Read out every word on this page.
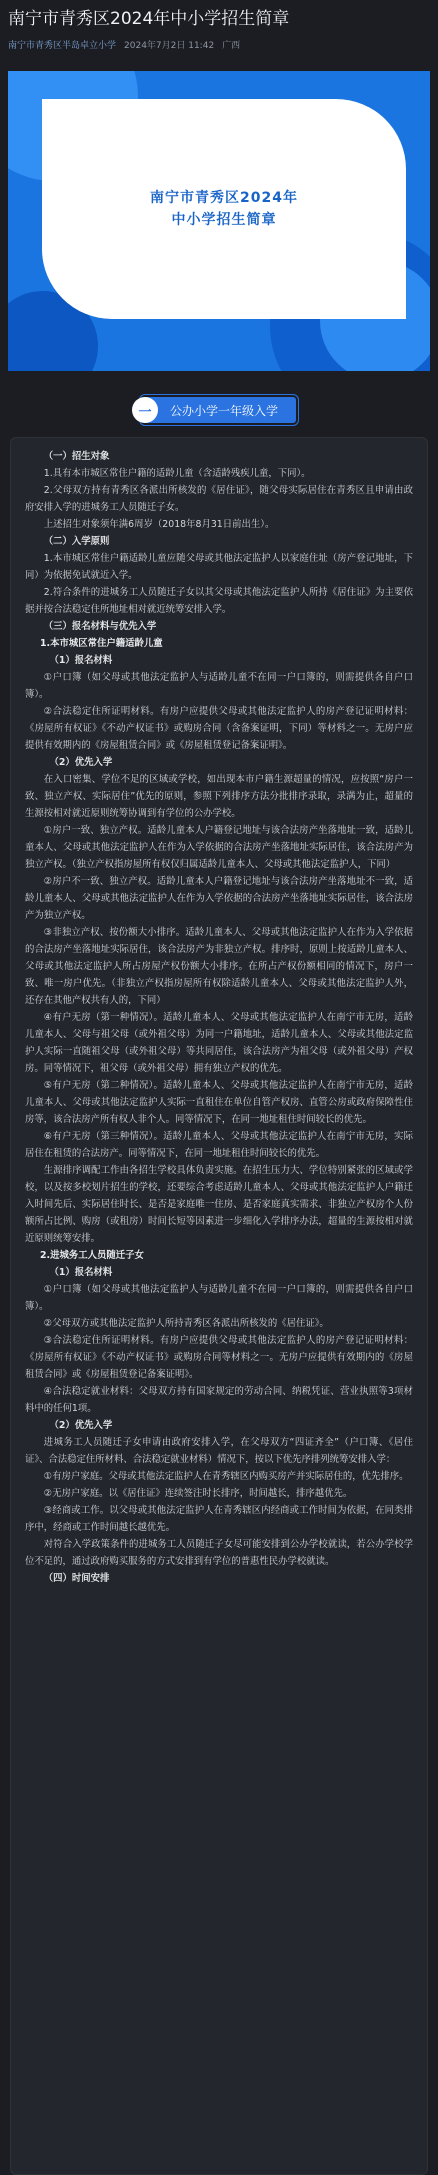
南宁市青秀区2024年中小学招生简章
南宁市青秀区半岛卓立小学 2024年7月2日 11:42 广西
南宁市青秀区2024年
中小学招生简章
一	公办小学一年级入学

（一）招生对象

1.具有本市城区常住户籍的适龄儿童（含适龄残疾儿童，下同）。

2.父母双方持有青秀区各派出所核发的《居住证》，随父母实际居住在青秀区且申请由政府安排入学的进城务工人员随迁子女。

上述招生对象须年满6周岁（2018年8月31日前出生）。

（二）入学原则

1.本市城区常住户籍适龄儿童应随父母或其他法定监护人以家庭住址（房产登记地址，下同）为依据免试就近入学。

2.符合条件的进城务工人员随迁子女以其父母或其他法定监护人所持《居住证》为主要依据并按合法稳定住所地址相对就近统筹安排入学。

（三）报名材料与优先入学

1.本市城区常住户籍适龄儿童

（1）报名材料

①户口簿（如父母或其他法定监护人与适龄儿童不在同一户口簿的，则需提供各自户口簿）。

②合法稳定住所证明材料。有房户应提供父母或其他法定监护人的房产登记证明材料：《房屋所有权证》《不动产权证书》或购房合同（含备案证明，下同）等材料之一。无房户应提供有效期内的《房屋租赁合同》或《房屋租赁登记备案证明》。

（2）优先入学

在入口密集、学位不足的区域或学校，如出现本市户籍生源超量的情况，应按照“房户一致、独立产权、实际居住”优先的原则，参照下列排序方法分批排序录取，录满为止，超量的生源按相对就近原则统筹协调到有学位的公办学校。

①房户一致、独立产权。适龄儿童本人户籍登记地址与该合法房产坐落地址一致，适龄儿童本人、父母或其他法定监护人在作为入学依据的合法房产坐落地址实际居住，该合法房产为独立产权。（独立产权指房屋所有权仅归属适龄儿童本人、父母或其他法定监护人，下同）

②房户不一致、独立产权。适龄儿童本人户籍登记地址与该合法房产坐落地址不一致，适龄儿童本人、父母或其他法定监护人在作为入学依据的合法房产坐落地址实际居住，该合法房产为独立产权。

③非独立产权、按份额大小排序。适龄儿童本人、父母或其他法定监护人在作为入学依据的合法房产坐落地址实际居住，该合法房产为非独立产权。排序时，原则上按适龄儿童本人、父母或其他法定监护人所占房屋产权份额大小排序。在所占产权份额相同的情况下，房户一致、唯一房户优先。（非独立产权指房屋所有权除适龄儿童本人、父母或其他法定监护人外，还存在其他产权共有人的，下同）

④有户无房（第一种情况）。适龄儿童本人、父母或其他法定监护人在南宁市无房，适龄儿童本人、父母与祖父母（或外祖父母）为同一户籍地址，适龄儿童本人、父母或其他法定监护人实际一直随祖父母（或外祖父母）等共同居住，该合法房产为祖父母（或外祖父母）产权房。同等情况下，祖父母（或外祖父母）拥有独立产权的优先。

⑤有户无房（第二种情况）。适龄儿童本人、父母或其他法定监护人在南宁市无房，适龄儿童本人、父母或其他法定监护人实际一直租住在单位自管产权房、直管公房或政府保障性住房等，该合法房产所有权人非个人。同等情况下，在同一地址租住时间较长的优先。

⑥有户无房（第三种情况）。适龄儿童本人、父母或其他法定监护人在南宁市无房，实际居住在租赁的合法房产。同等情况下，在同一地址租住时间较长的优先。

生源排序调配工作由各招生学校具体负责实施。在招生压力大、学位特别紧张的区域或学校，以及按多校划片招生的学校，还要综合考虑适龄儿童本人、父母或其他法定监护人户籍迁入时间先后、实际居住时长、是否是家庭唯一住房、是否家庭真实需求、非独立产权房个人份额所占比例、购房（或租房）时间长短等因素进一步细化入学排序办法，超量的生源按相对就近原则统筹安排。

2.进城务工人员随迁子女

（1）报名材料

①户口簿（如父母或其他法定监护人与适龄儿童不在同一户口簿的，则需提供各自户口簿）。

②父母双方或其他法定监护人所持青秀区各派出所核发的《居住证》。

③合法稳定住所证明材料。有房户应提供父母或其他法定监护人的房产登记证明材料：《房屋所有权证》《不动产权证书》或购房合同等材料之一。无房户应提供有效期内的《房屋租赁合同》或《房屋租赁登记备案证明》。

④合法稳定就业材料：父母双方持有国家规定的劳动合同、纳税凭证、营业执照等3项材料中的任何1项。

（2）优先入学

进城务工人员随迁子女申请由政府安排入学，在父母双方“四证齐全”（户口簿、《居住证》、合法稳定住所材料、合法稳定就业材料）情况下，按以下优先序排列统筹安排入学：

①有房户家庭。父母或其他法定监护人在青秀辖区内购买房产并实际居住的，优先排序。

②无房户家庭。以《居住证》连续签注时长排序，时间越长，排序越优先。

③经商或工作。以父母或其他法定监护人在青秀辖区内经商或工作时间为依据，在同类排序中，经商或工作时间越长越优先。

对符合入学政策条件的进城务工人员随迁子女尽可能安排到公办学校就读，若公办学校学位不足的，通过政府购买服务的方式安排到有学位的普惠性民办学校就读。

（四）时间安排
